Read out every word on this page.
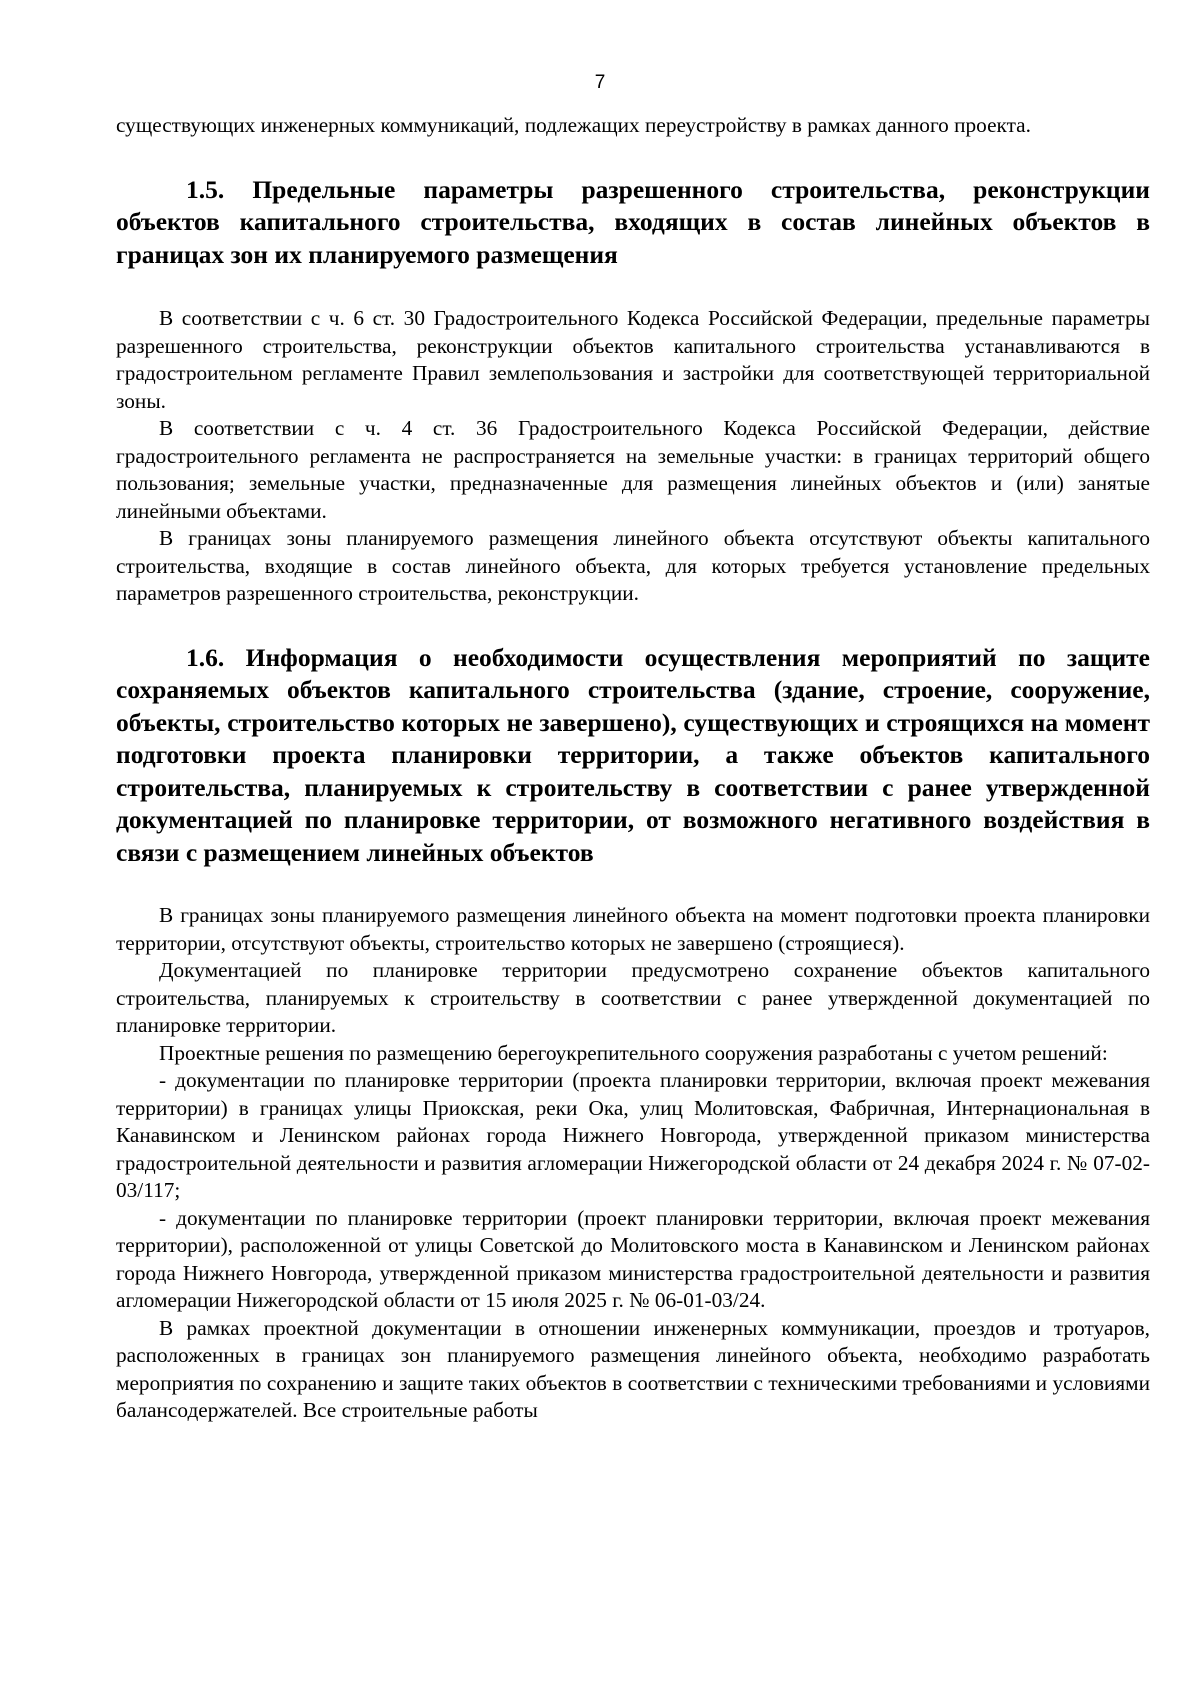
7

существующих инженерных коммуникаций, подлежащих переустройству в рамках данного проекта.

1.5. Предельные параметры разрешенного строительства, реконструкции объектов капитального строительства, входящих в состав линейных объектов в границах зон их планируемого размещения

В соответствии с ч. 6 ст. 30 Градостроительного Кодекса Российской Федерации, предельные параметры разрешенного строительства, реконструкции объектов капитального строительства устанавливаются в градостроительном регламенте Правил землепользования и застройки для соответствующей территориальной зоны.

В соответствии с ч. 4 ст. 36 Градостроительного Кодекса Российской Федерации, действие градостроительного регламента не распространяется на земельные участки: в границах территорий общего пользования; земельные участки, предназначенные для размещения линейных объектов и (или) занятые линейными объектами.

В границах зоны планируемого размещения линейного объекта отсутствуют объекты капитального строительства, входящие в состав линейного объекта, для которых требуется установление предельных параметров разрешенного строительства, реконструкции.

1.6. Информация о необходимости осуществления мероприятий по защите сохраняемых объектов капитального строительства (здание, строение, сооружение, объекты, строительство которых не завершено), существующих и строящихся на момент подготовки проекта планировки территории, а также объектов капитального строительства, планируемых к строительству в соответствии с ранее утвержденной документацией по планировке территории, от возможного негативного воздействия в связи с размещением линейных объектов

В границах зоны планируемого размещения линейного объекта на момент подготовки проекта планировки территории, отсутствуют объекты, строительство которых не завершено (строящиеся).

Документацией по планировке территории предусмотрено сохранение объектов капитального строительства, планируемых к строительству в соответствии с ранее утвержденной документацией по планировке территории.

Проектные решения по размещению берегоукрепительного сооружения разработаны с учетом решений:

- документации по планировке территории (проекта планировки территории, включая проект межевания территории) в границах улицы Приокская, реки Ока, улиц Молитовская, Фабричная, Интернациональная в Канавинском и Ленинском районах города Нижнего Новгорода, утвержденной приказом министерства градостроительной деятельности и развития агломерации Нижегородской области от 24 декабря 2024 г. № 07-02-03/117;

- документации по планировке территории (проект планировки территории, включая проект межевания территории), расположенной от улицы Советской до Молитовского моста в Канавинском и Ленинском районах города Нижнего Новгорода, утвержденной приказом министерства градостроительной деятельности и развития агломерации Нижегородской области от 15 июля 2025 г. № 06-01-03/24.

В рамках проектной документации в отношении инженерных коммуникации, проездов и тротуаров, расположенных в границах зон планируемого размещения линейного объекта, необходимо разработать мероприятия по сохранению и защите таких объектов в соответствии с техническими требованиями и условиями балансодержателей. Все строительные работы
